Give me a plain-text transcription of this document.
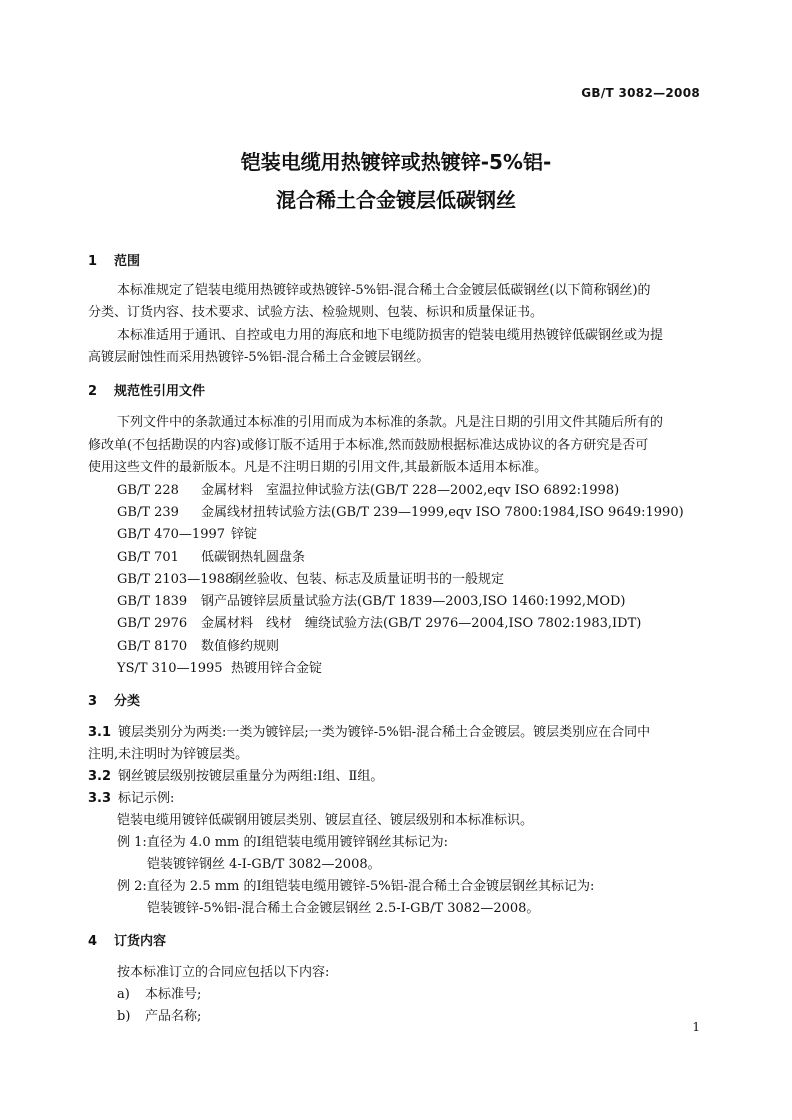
GB/T 3082—2008
铠装电缆用热镀锌或热镀锌-5%铝-
混合稀土合金镀层低碳钢丝
1 范围
本标准规定了铠装电缆用热镀锌或热镀锌-5%铝-混合稀土合金镀层低碳钢丝(以下简称钢丝)的
分类、订货内容、技术要求、试验方法、检验规则、包装、标识和质量保证书。
本标准适用于通讯、自控或电力用的海底和地下电缆防损害的铠装电缆用热镀锌低碳钢丝或为提
高镀层耐蚀性而采用热镀锌-5%铝-混合稀土合金镀层钢丝。
2 规范性引用文件
下列文件中的条款通过本标准的引用而成为本标准的条款。凡是注日期的引用文件其随后所有的
修改单(不包括勘误的内容)或修订版不适用于本标准,然而鼓励根据标准达成协议的各方研究是否可
使用这些文件的最新版本。凡是不注明日期的引用文件,其最新版本适用本标准。
GB/T 228 金属材料　室温拉伸试验方法(GB/T 228—2002,eqv ISO 6892:1998)
GB/T 239 金属线材扭转试验方法(GB/T 239—1999,eqv ISO 7800:1984,ISO 9649:1990)
GB/T 470—1997 锌锭
GB/T 701 低碳钢热轧圆盘条
GB/T 2103—1988钢丝验收、包装、标志及质量证明书的一般规定
GB/T 1839 钢产品镀锌层质量试验方法(GB/T 1839—2003,ISO 1460:1992,MOD)
GB/T 2976 金属材料　线材　缠绕试验方法(GB/T 2976—2004,ISO 7802:1983,IDT)
GB/T 8170 数值修约规则
YS/T 310—1995 热镀用锌合金锭
3 分类
3.1 镀层类别分为两类:一类为镀锌层;一类为镀锌-5%铝-混合稀土合金镀层。镀层类别应在合同中
注明,未注明时为锌镀层类。
3.2 钢丝镀层级别按镀层重量分为两组:Ⅰ组、Ⅱ组。
3.3 标记示例:
铠装电缆用镀锌低碳钢用镀层类别、镀层直径、镀层级别和本标准标识。
例 1:直径为 4.0 mm 的Ⅰ组铠装电缆用镀锌钢丝其标记为:
铠装镀锌钢丝 4-Ⅰ-GB/T 3082—2008。
例 2:直径为 2.5 mm 的Ⅰ组铠装电缆用镀锌-5%铝-混合稀土合金镀层钢丝其标记为:
铠装镀锌-5%铝-混合稀土合金镀层钢丝 2.5-Ⅰ-GB/T 3082—2008。
4 订货内容
按本标准订立的合同应包括以下内容:
a) 本标准号;
b) 产品名称;
1
